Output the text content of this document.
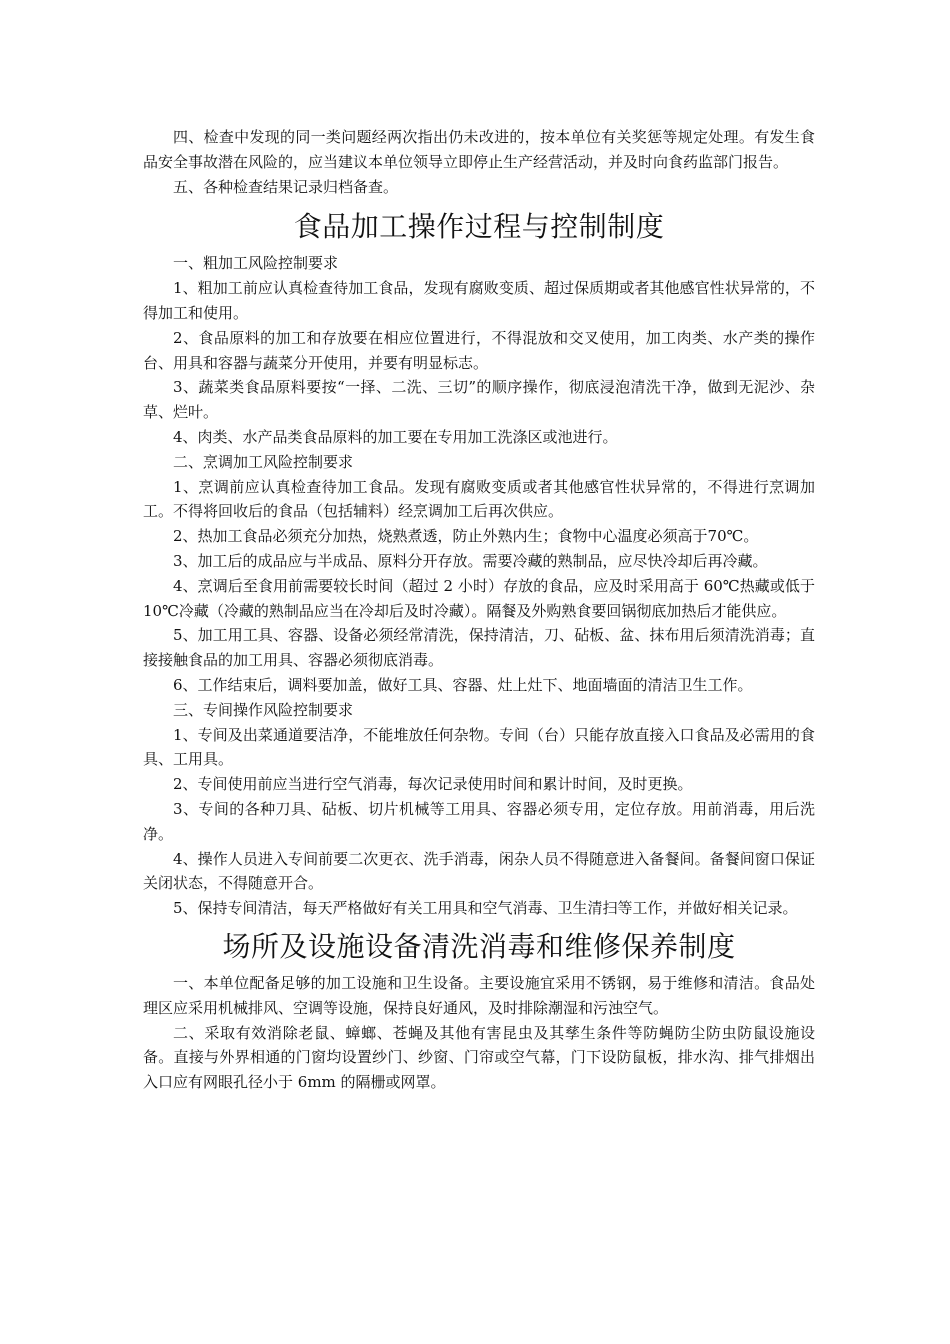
四、检查中发现的同一类问题经两次指出仍未改进的，按本单位有关奖惩等规定处理。有发生食品安全事故潜在风险的，应当建议本单位领导立即停止生产经营活动，并及时向食药监部门报告。

五、各种检查结果记录归档备查。

食品加工操作过程与控制制度

一、粗加工风险控制要求

1、粗加工前应认真检查待加工食品，发现有腐败变质、超过保质期或者其他感官性状异常的，不得加工和使用。

2、食品原料的加工和存放要在相应位置进行，不得混放和交叉使用，加工肉类、水产类的操作台、用具和容器与蔬菜分开使用，并要有明显标志。

3、蔬菜类食品原料要按“一择、二洗、三切”的顺序操作，彻底浸泡清洗干净，做到无泥沙、杂草、烂叶。

4、肉类、水产品类食品原料的加工要在专用加工洗涤区或池进行。

二、烹调加工风险控制要求

1、烹调前应认真检查待加工食品。发现有腐败变质或者其他感官性状异常的，不得进行烹调加工。不得将回收后的食品（包括辅料）经烹调加工后再次供应。

2、热加工食品必须充分加热，烧熟煮透，防止外熟内生；食物中心温度必须高于70℃。

3、加工后的成品应与半成品、原料分开存放。需要冷藏的熟制品，应尽快冷却后再冷藏。

4、烹调后至食用前需要较长时间（超过 2 小时）存放的食品，应及时采用高于 60℃热藏或低于 10℃冷藏（冷藏的熟制品应当在冷却后及时冷藏）。隔餐及外购熟食要回锅彻底加热后才能供应。

5、加工用工具、容器、设备必须经常清洗，保持清洁，刀、砧板、盆、抹布用后须清洗消毒；直接接触食品的加工用具、容器必须彻底消毒。

6、工作结束后，调料要加盖，做好工具、容器、灶上灶下、地面墙面的清洁卫生工作。

三、专间操作风险控制要求

1、专间及出菜通道要洁净，不能堆放任何杂物。专间（台）只能存放直接入口食品及必需用的食具、工用具。

2、专间使用前应当进行空气消毒，每次记录使用时间和累计时间，及时更换。

3、专间的各种刀具、砧板、切片机械等工用具、容器必须专用，定位存放。用前消毒，用后洗净。

4、操作人员进入专间前要二次更衣、洗手消毒，闲杂人员不得随意进入备餐间。备餐间窗口保证关闭状态，不得随意开合。

5、保持专间清洁，每天严格做好有关工用具和空气消毒、卫生清扫等工作，并做好相关记录。

场所及设施设备清洗消毒和维修保养制度

一、本单位配备足够的加工设施和卫生设备。主要设施宜采用不锈钢，易于维修和清洁。食品处理区应采用机械排风、空调等设施，保持良好通风，及时排除潮湿和污浊空气。

二、采取有效消除老鼠、蟑螂、苍蝇及其他有害昆虫及其孳生条件等防蝇防尘防虫防鼠设施设备。直接与外界相通的门窗均设置纱门、纱窗、门帘或空气幕，门下设防鼠板，排水沟、排气排烟出入口应有网眼孔径小于 6mm 的隔栅或网罩。
